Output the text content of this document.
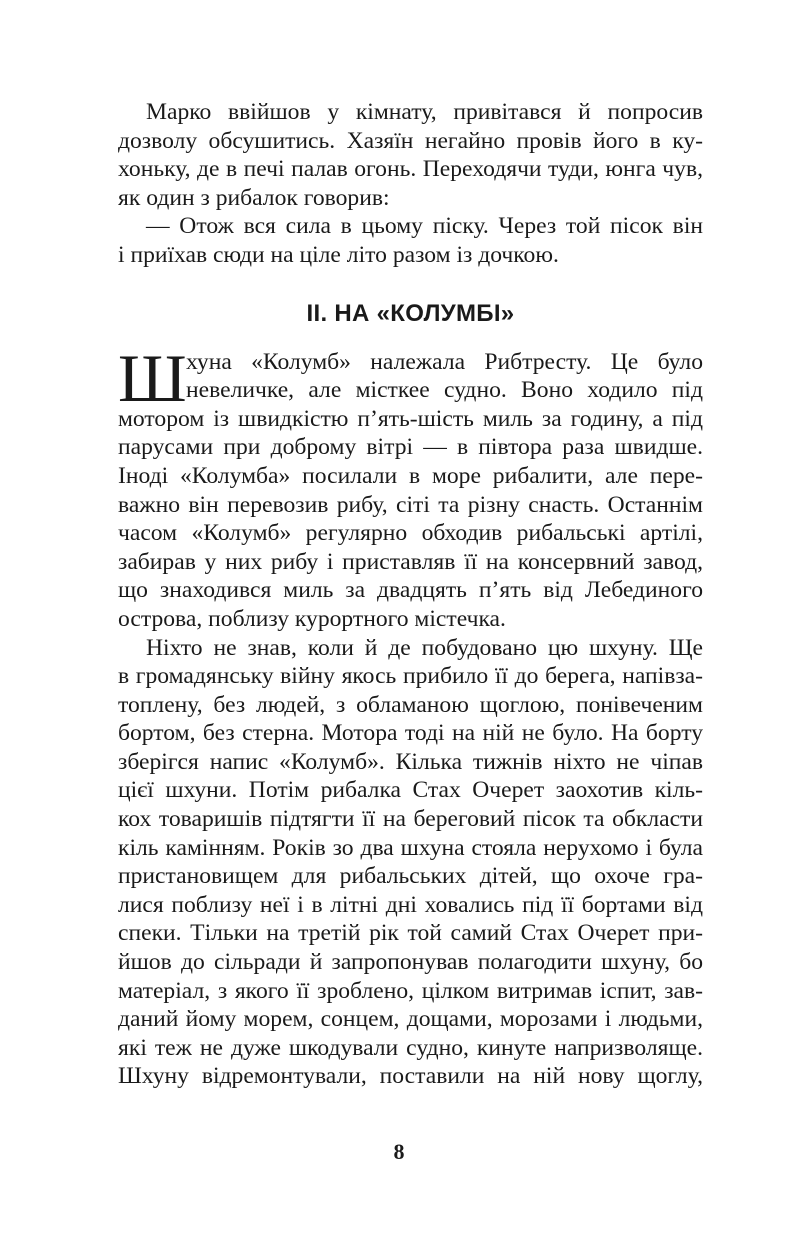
Марко ввійшов у кімнату, привітався й попросив
дозволу обсушитись. Хазяїн негайно провів його в ку-
хоньку, де в печі палав огонь. Переходячи туди, юнга чув,
як один з рибалок говорив:
— Отож вся сила в цьому піску. Через той пісок він
і приїхав сюди на ціле літо разом із дочкою.
ІІ. НА «КОЛУМБІ»
Ш хуна «Колумб» належала Рибтресту. Це було
невеличке, але місткее судно. Воно ходило під
мотором із швидкістю п’ять-шість миль за годину, а під
парусами при доброму вітрі — в півтора раза швидше.
Іноді «Колумба» посилали в море рибалити, але пере-
важно він перевозив рибу, сіті та різну снасть. Останнім
часом «Колумб» регулярно обходив рибальські артілі,
забирав у них рибу і приставляв її на консервний завод,
що знаходився миль за двадцять п’ять від Лебединого
острова, поблизу курортного містечка.
Ніхто не знав, коли й де побудовано цю шхуну. Ще
в громадянську війну якось прибило її до берега, напівза-
топлену, без людей, з обламаною щоглою, понівеченим
бортом, без стерна. Мотора тоді на ній не було. На борту
зберігся напис «Колумб». Кілька тижнів ніхто не чіпав
цієї шхуни. Потім рибалка Стах Очерет заохотив кіль-
кох товаришів підтягти її на береговий пісок та обкласти
кіль камінням. Років зо два шхуна стояла нерухомо і була
пристановищем для рибальських дітей, що охоче гра-
лися поблизу неї і в літні дні ховались під її бортами від
спеки. Тільки на третій рік той самий Стах Очерет при-
йшов до сільради й запропонував полагодити шхуну, бо
матеріал, з якого її зроблено, цілком витримав іспит, зав-
даний йому морем, сонцем, дощами, морозами і людьми,
які теж не дуже шкодували судно, кинуте напризволяще.
Шхуну відремонтували, поставили на ній нову щоглу,
8
